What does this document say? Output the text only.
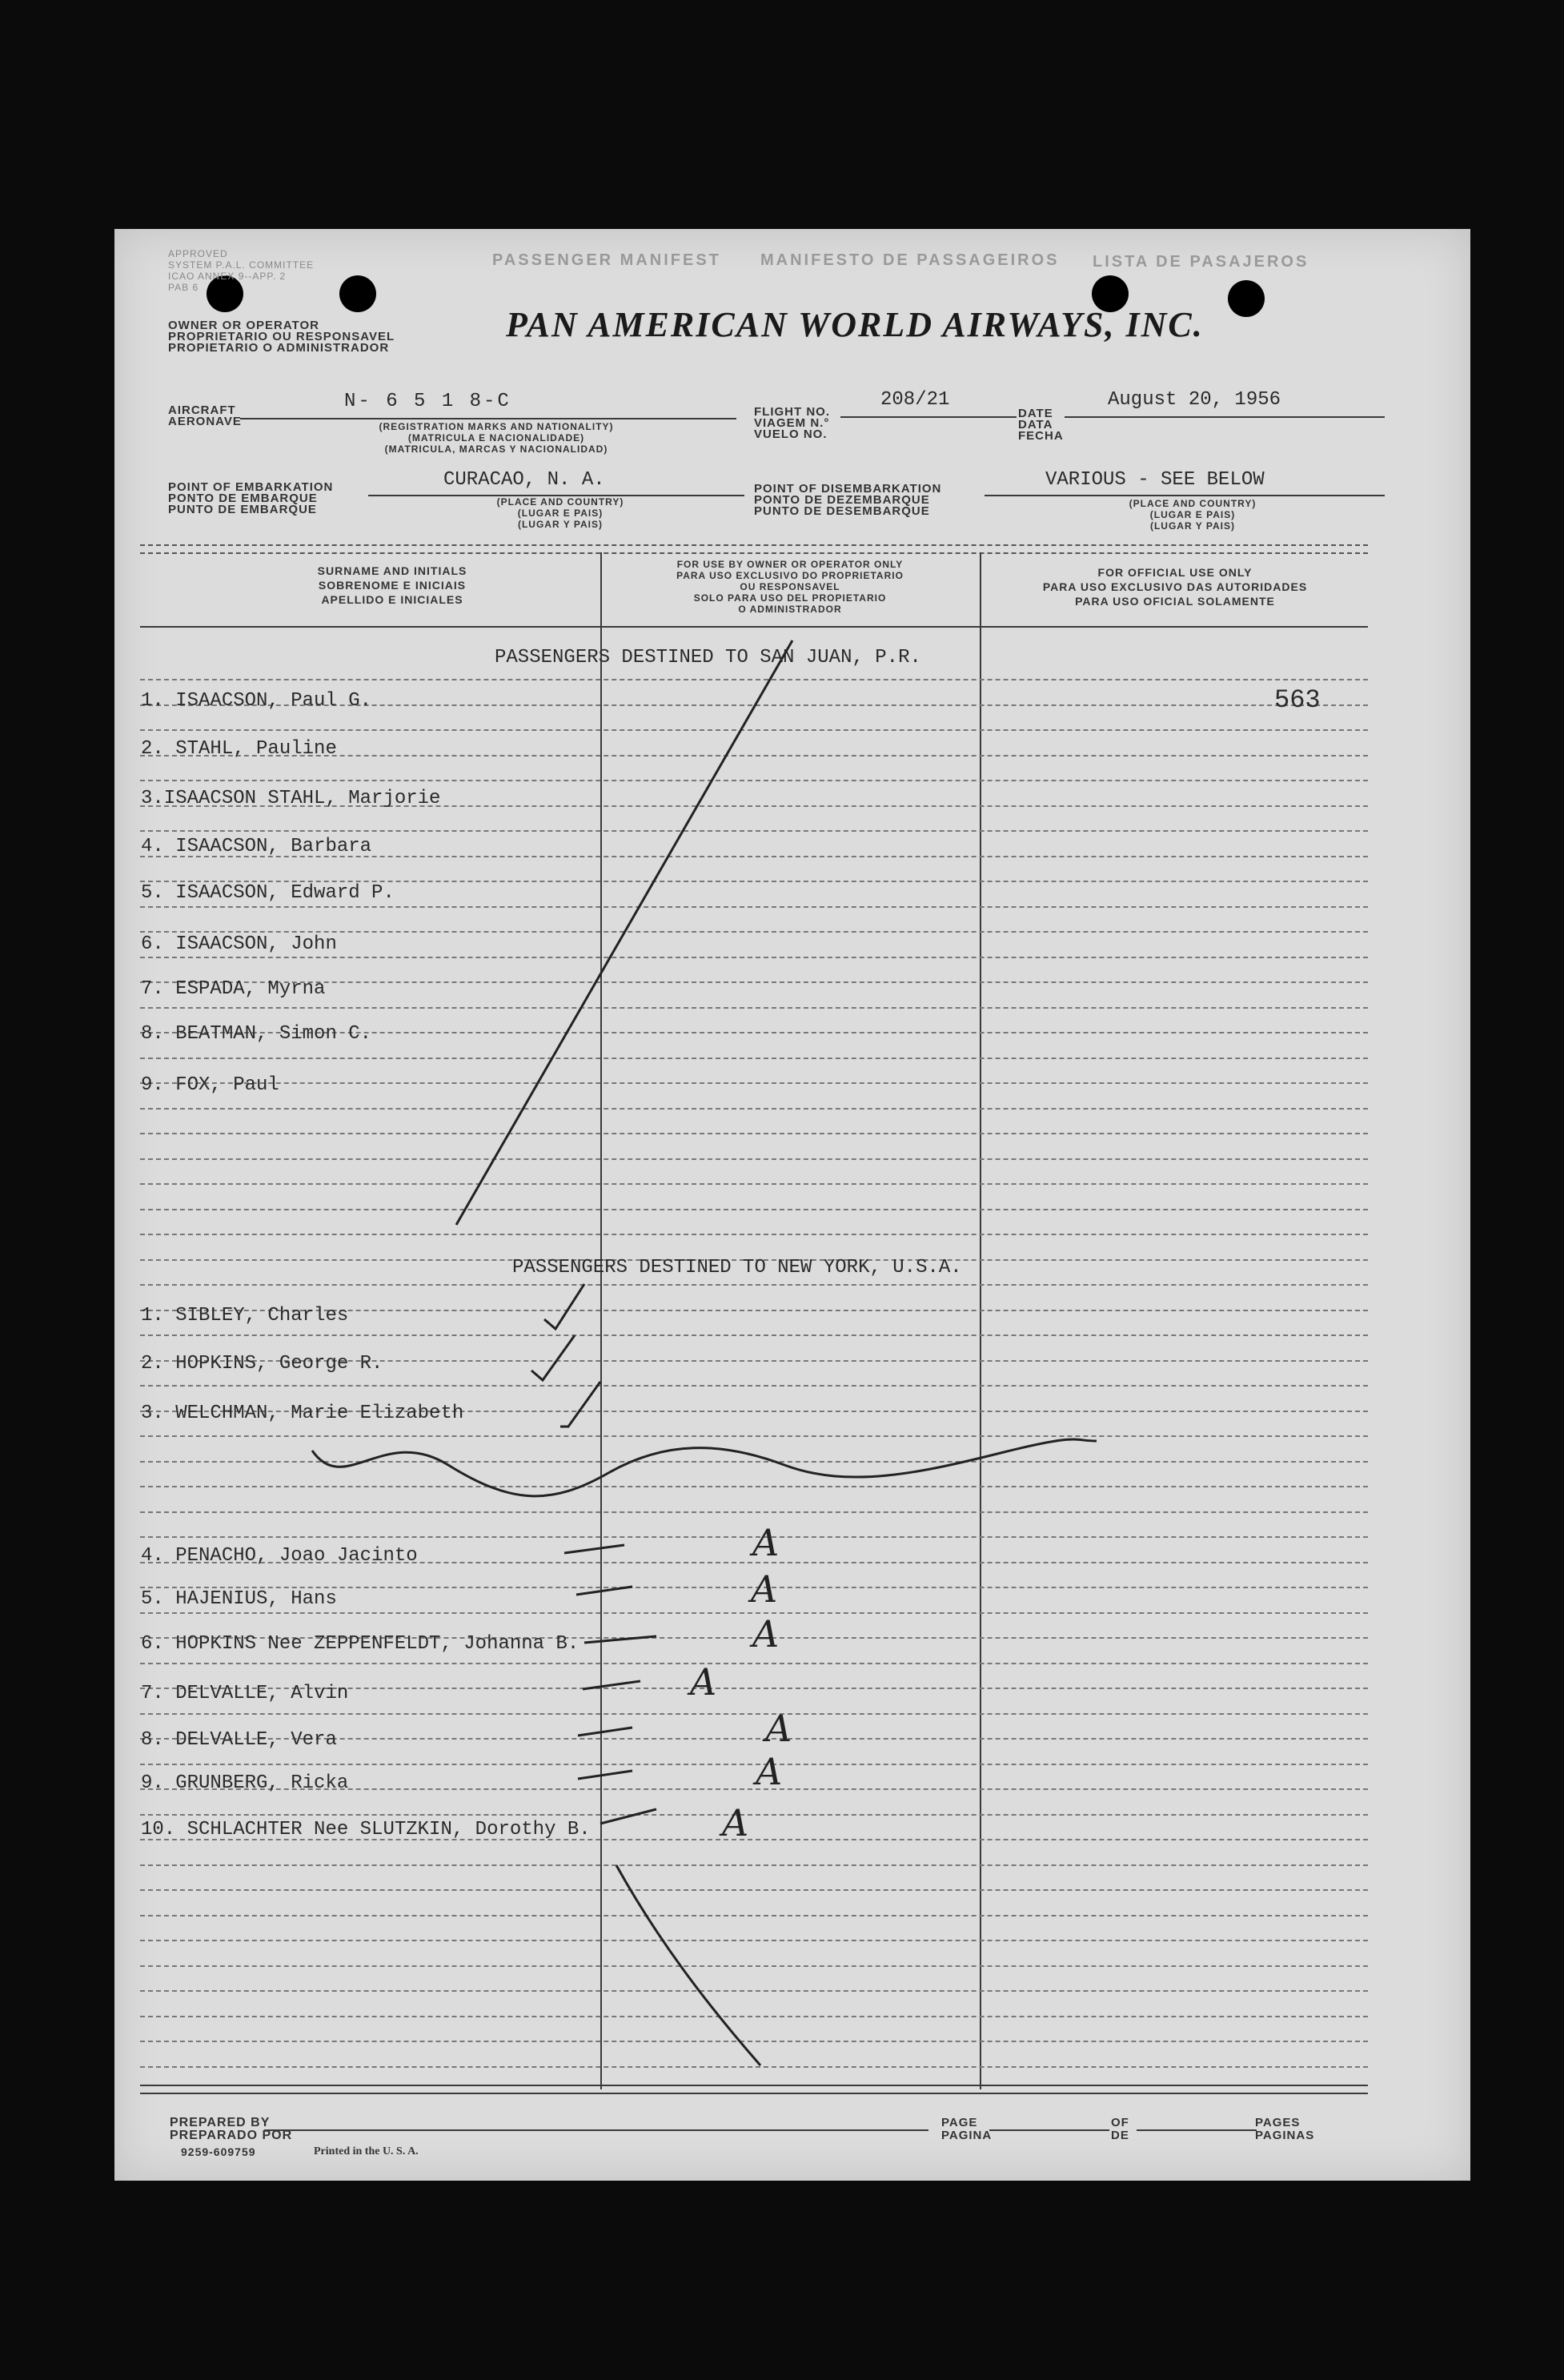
APPROVED
SYSTEM P.A.L. COMMITTEE
ICAO ANNEX 9--APP. 2
PAB 6
PASSENGER MANIFEST MANIFESTO DE PASSAGEIROS LISTA DE PASAJEROS
OWNER OR OPERATOR
PROPRIETARIO OU RESPONSAVEL
PROPIETARIO O ADMINISTRADOR
PAN AMERICAN WORLD AIRWAYS, INC.
AIRCRAFT
AERONAVE
N- 6 5 1 8-C
(REGISTRATION MARKS AND NATIONALITY)
(MATRICULA E NACIONALIDADE)
(MATRICULA, MARCAS Y NACIONALIDAD)
FLIGHT NO.
VIAGEM N.°
VUELO NO.
208/21
DATE
DATA
FECHA
August 20, 1956
POINT OF EMBARKATION
PONTO DE EMBARQUE
PUNTO DE EMBARQUE
CURACAO, N. A.
(PLACE AND COUNTRY)
(LUGAR E PAIS)
(LUGAR Y PAIS)
POINT OF DISEMBARKATION
PONTO DE DEZEMBARQUE
PUNTO DE DESEMBARQUE
VARIOUS - SEE BELOW
(PLACE AND COUNTRY)
(LUGAR E PAIS)
(LUGAR Y PAIS)
SURNAME AND INITIALS
SOBRENOME E INICIAIS
APELLIDO E INICIALES
FOR USE BY OWNER OR OPERATOR ONLY
PARA USO EXCLUSIVO DO PROPRIETARIO
OU RESPONSAVEL
SOLO PARA USO DEL PROPIETARIO
O ADMINISTRADOR
FOR OFFICIAL USE ONLY
PARA USO EXCLUSIVO DAS AUTORIDADES
PARA USO OFICIAL SOLAMENTE
PASSENGERS DESTINED TO SAN JUAN, P.R.
563
1. ISAACSON, Paul G.
2. STAHL, Pauline
3.ISAACSON STAHL, Marjorie
4. ISAACSON, Barbara
5. ISAACSON, Edward P.
6. ISAACSON, John
7. ESPADA, Myrna
8. BEATMAN, Simon C.
9. FOX, Paul
PASSENGERS DESTINED TO NEW YORK, U.S.A.
1. SIBLEY, Charles
2. HOPKINS, George R.
3. WELCHMAN, Marie Elizabeth
4. PENACHO, Joao Jacinto
5. HAJENIUS, Hans
6. HOPKINS Nee ZEPPENFELDT, Johanna B.
7. DELVALLE, Alvin
8. DELVALLE, Vera
9. GRUNBERG, Ricka
10. SCHLACHTER Nee SLUTZKIN, Dorothy B.
A
A
A
A
A
A
A
PREPARED BY
PREPARADO POR
9259-609759	Printed in the U. S. A.
PAGE
PAGINA
OF
DE
PAGES
PAGINAS
